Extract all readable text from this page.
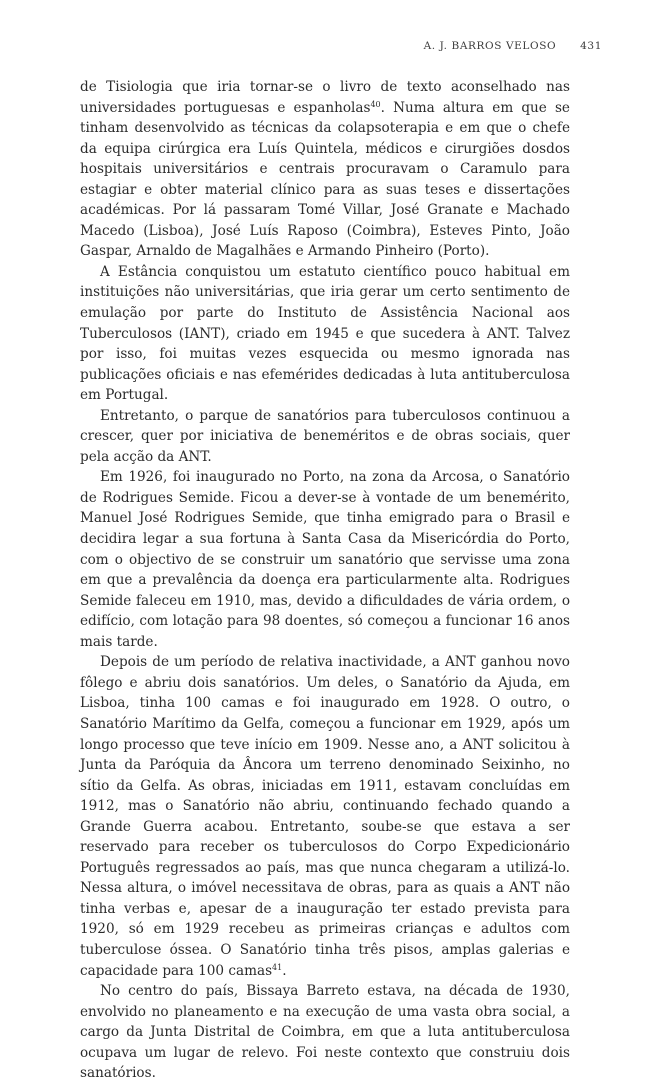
A. J. BARROS VELOSO 431

de Tisiologia que iria tornar-se o livro de texto aconselhado nas universidades portuguesas e espanholas$^{40}$. Numa altura em que se tinham desenvolvido as técnicas da colapsoterapia e em que o chefe da equipa cirúrgica era Luís Quintela, médicos e cirurgiões dosdos hospitais universitários e centrais procuravam o Caramulo para estagiar e obter material clínico para as suas teses e dissertações académicas. Por lá passaram Tomé Villar, José Granate e Machado Macedo (Lisboa), José Luís Raposo (Coimbra), Esteves Pinto, João Gaspar, Arnaldo de Magalhães e Armando Pinheiro (Porto).

A Estância conquistou um estatuto científico pouco habitual em instituições não universitárias, que iria gerar um certo sentimento de emulação por parte do Instituto de Assistência Nacional aos Tuberculosos (IANT), criado em 1945 e que sucedera à ANT. Talvez por isso, foi muitas vezes esquecida ou mesmo ignorada nas publicações oficiais e nas efemérides dedicadas à luta antituberculosa em Portugal.

Entretanto, o parque de sanatórios para tuberculosos continuou a crescer, quer por iniciativa de beneméritos e de obras sociais, quer pela acção da ANT.

Em 1926, foi inaugurado no Porto, na zona da Arcosa, o Sanatório de Rodrigues Semide. Ficou a dever-se à vontade de um benemérito, Manuel José Rodrigues Semide, que tinha emigrado para o Brasil e decidira legar a sua fortuna à Santa Casa da Misericórdia do Porto, com o objectivo de se construir um sanatório que servisse uma zona em que a prevalência da doença era particularmente alta. Rodrigues Semide faleceu em 1910, mas, devido a dificuldades de vária ordem, o edifício, com lotação para 98 doentes, só começou a funcionar 16 anos mais tarde.

Depois de um período de relativa inactividade, a ANT ganhou novo fôlego e abriu dois sanatórios. Um deles, o Sanatório da Ajuda, em Lisboa, tinha 100 camas e foi inaugurado em 1928. O outro, o Sanatório Marítimo da Gelfa, começou a funcionar em 1929, após um longo processo que teve início em 1909. Nesse ano, a ANT solicitou à Junta da Paróquia da Âncora um terreno denominado Seixinho, no sítio da Gelfa. As obras, iniciadas em 1911, estavam concluídas em 1912, mas o Sanatório não abriu, continuando fechado quando a Grande Guerra acabou. Entretanto, soube-se que estava a ser reservado para receber os tuberculosos do Corpo Expedicionário Português regressados ao país, mas que nunca chegaram a utilizá-lo. Nessa altura, o imóvel necessitava de obras, para as quais a ANT não tinha verbas e, apesar de a inauguração ter estado prevista para 1920, só em 1929 recebeu as primeiras crianças e adultos com tuberculose óssea. O Sanatório tinha três pisos, amplas galerias e capacidade para 100 camas$^{41}$.

No centro do país, Bissaya Barreto estava, na década de 1930, envolvido no planeamento e na execução de uma vasta obra social, a cargo da Junta Distrital de Coimbra, em que a luta antituberculosa ocupava um lugar de relevo. Foi neste contexto que construiu dois sanatórios.
